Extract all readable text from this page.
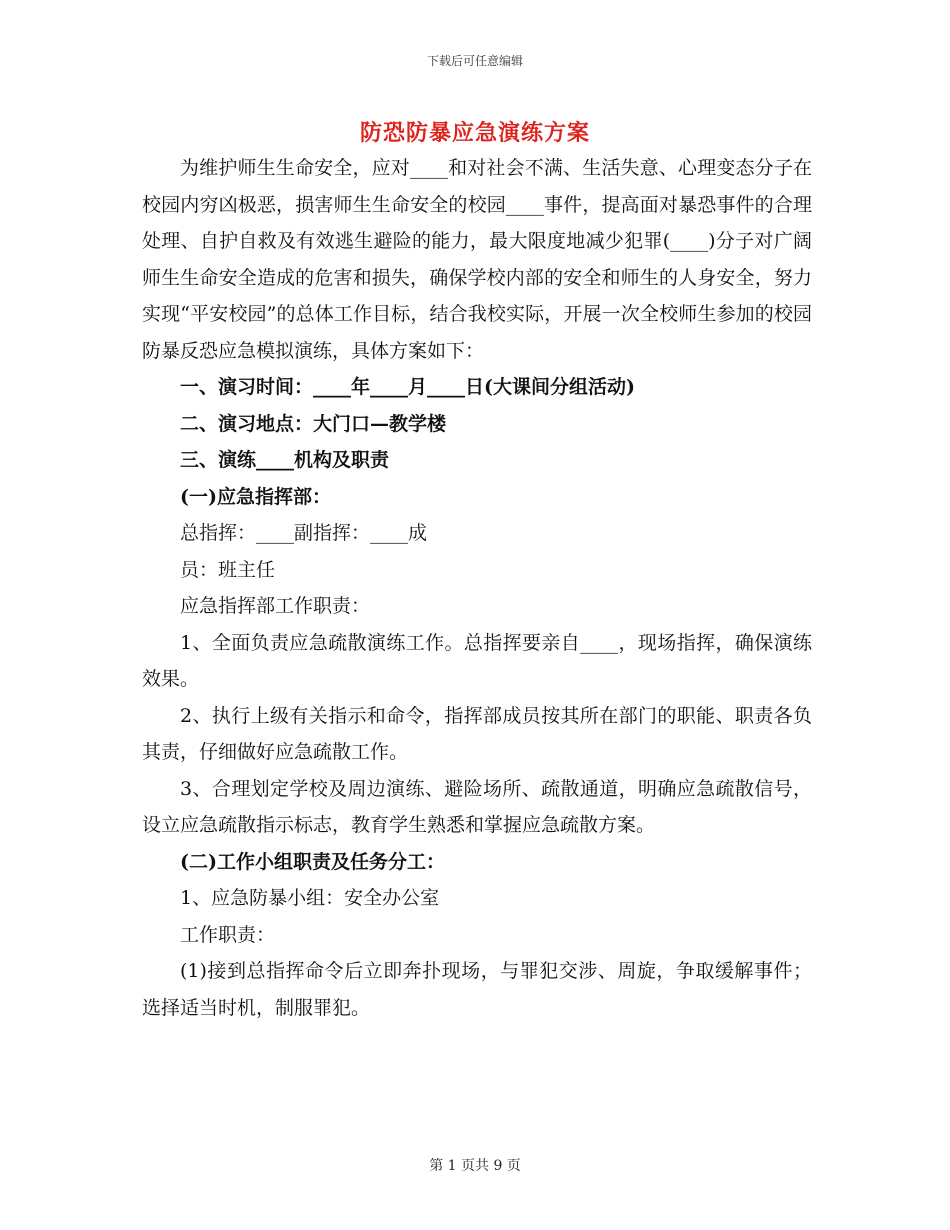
下载后可任意编辑
防恐防暴应急演练方案

为维护师生生命安全，应对____和对社会不满、生活失意、心理变态分子在校园内穷凶极恶，损害师生生命安全的校园____事件，提高面对暴恐事件的合理处理、自护自救及有效逃生避险的能力，最大限度地减少犯罪(____)分子对广阔师生生命安全造成的危害和损失，确保学校内部的安全和师生的人身安全，努力实现“平安校园”的总体工作目标，结合我校实际，开展一次全校师生参加的校园防暴反恐应急模拟演练，具体方案如下：

一、演习时间：____年____月____日(大课间分组活动)

二、演习地点：大门口—教学楼

三、演练____机构及职责

(一)应急指挥部：

总指挥：____副指挥：____成

员：班主任

应急指挥部工作职责：

1、全面负责应急疏散演练工作。总指挥要亲自____，现场指挥，确保演练效果。

2、执行上级有关指示和命令，指挥部成员按其所在部门的职能、职责各负其责，仔细做好应急疏散工作。

3、合理划定学校及周边演练、避险场所、疏散通道，明确应急疏散信号，设立应急疏散指示标志，教育学生熟悉和掌握应急疏散方案。

(二)工作小组职责及任务分工：

1、应急防暴小组：安全办公室

工作职责：

(1)接到总指挥命令后立即奔扑现场，与罪犯交涉、周旋，争取缓解事件；选择适当时机，制服罪犯。

第 1 页共 9 页
